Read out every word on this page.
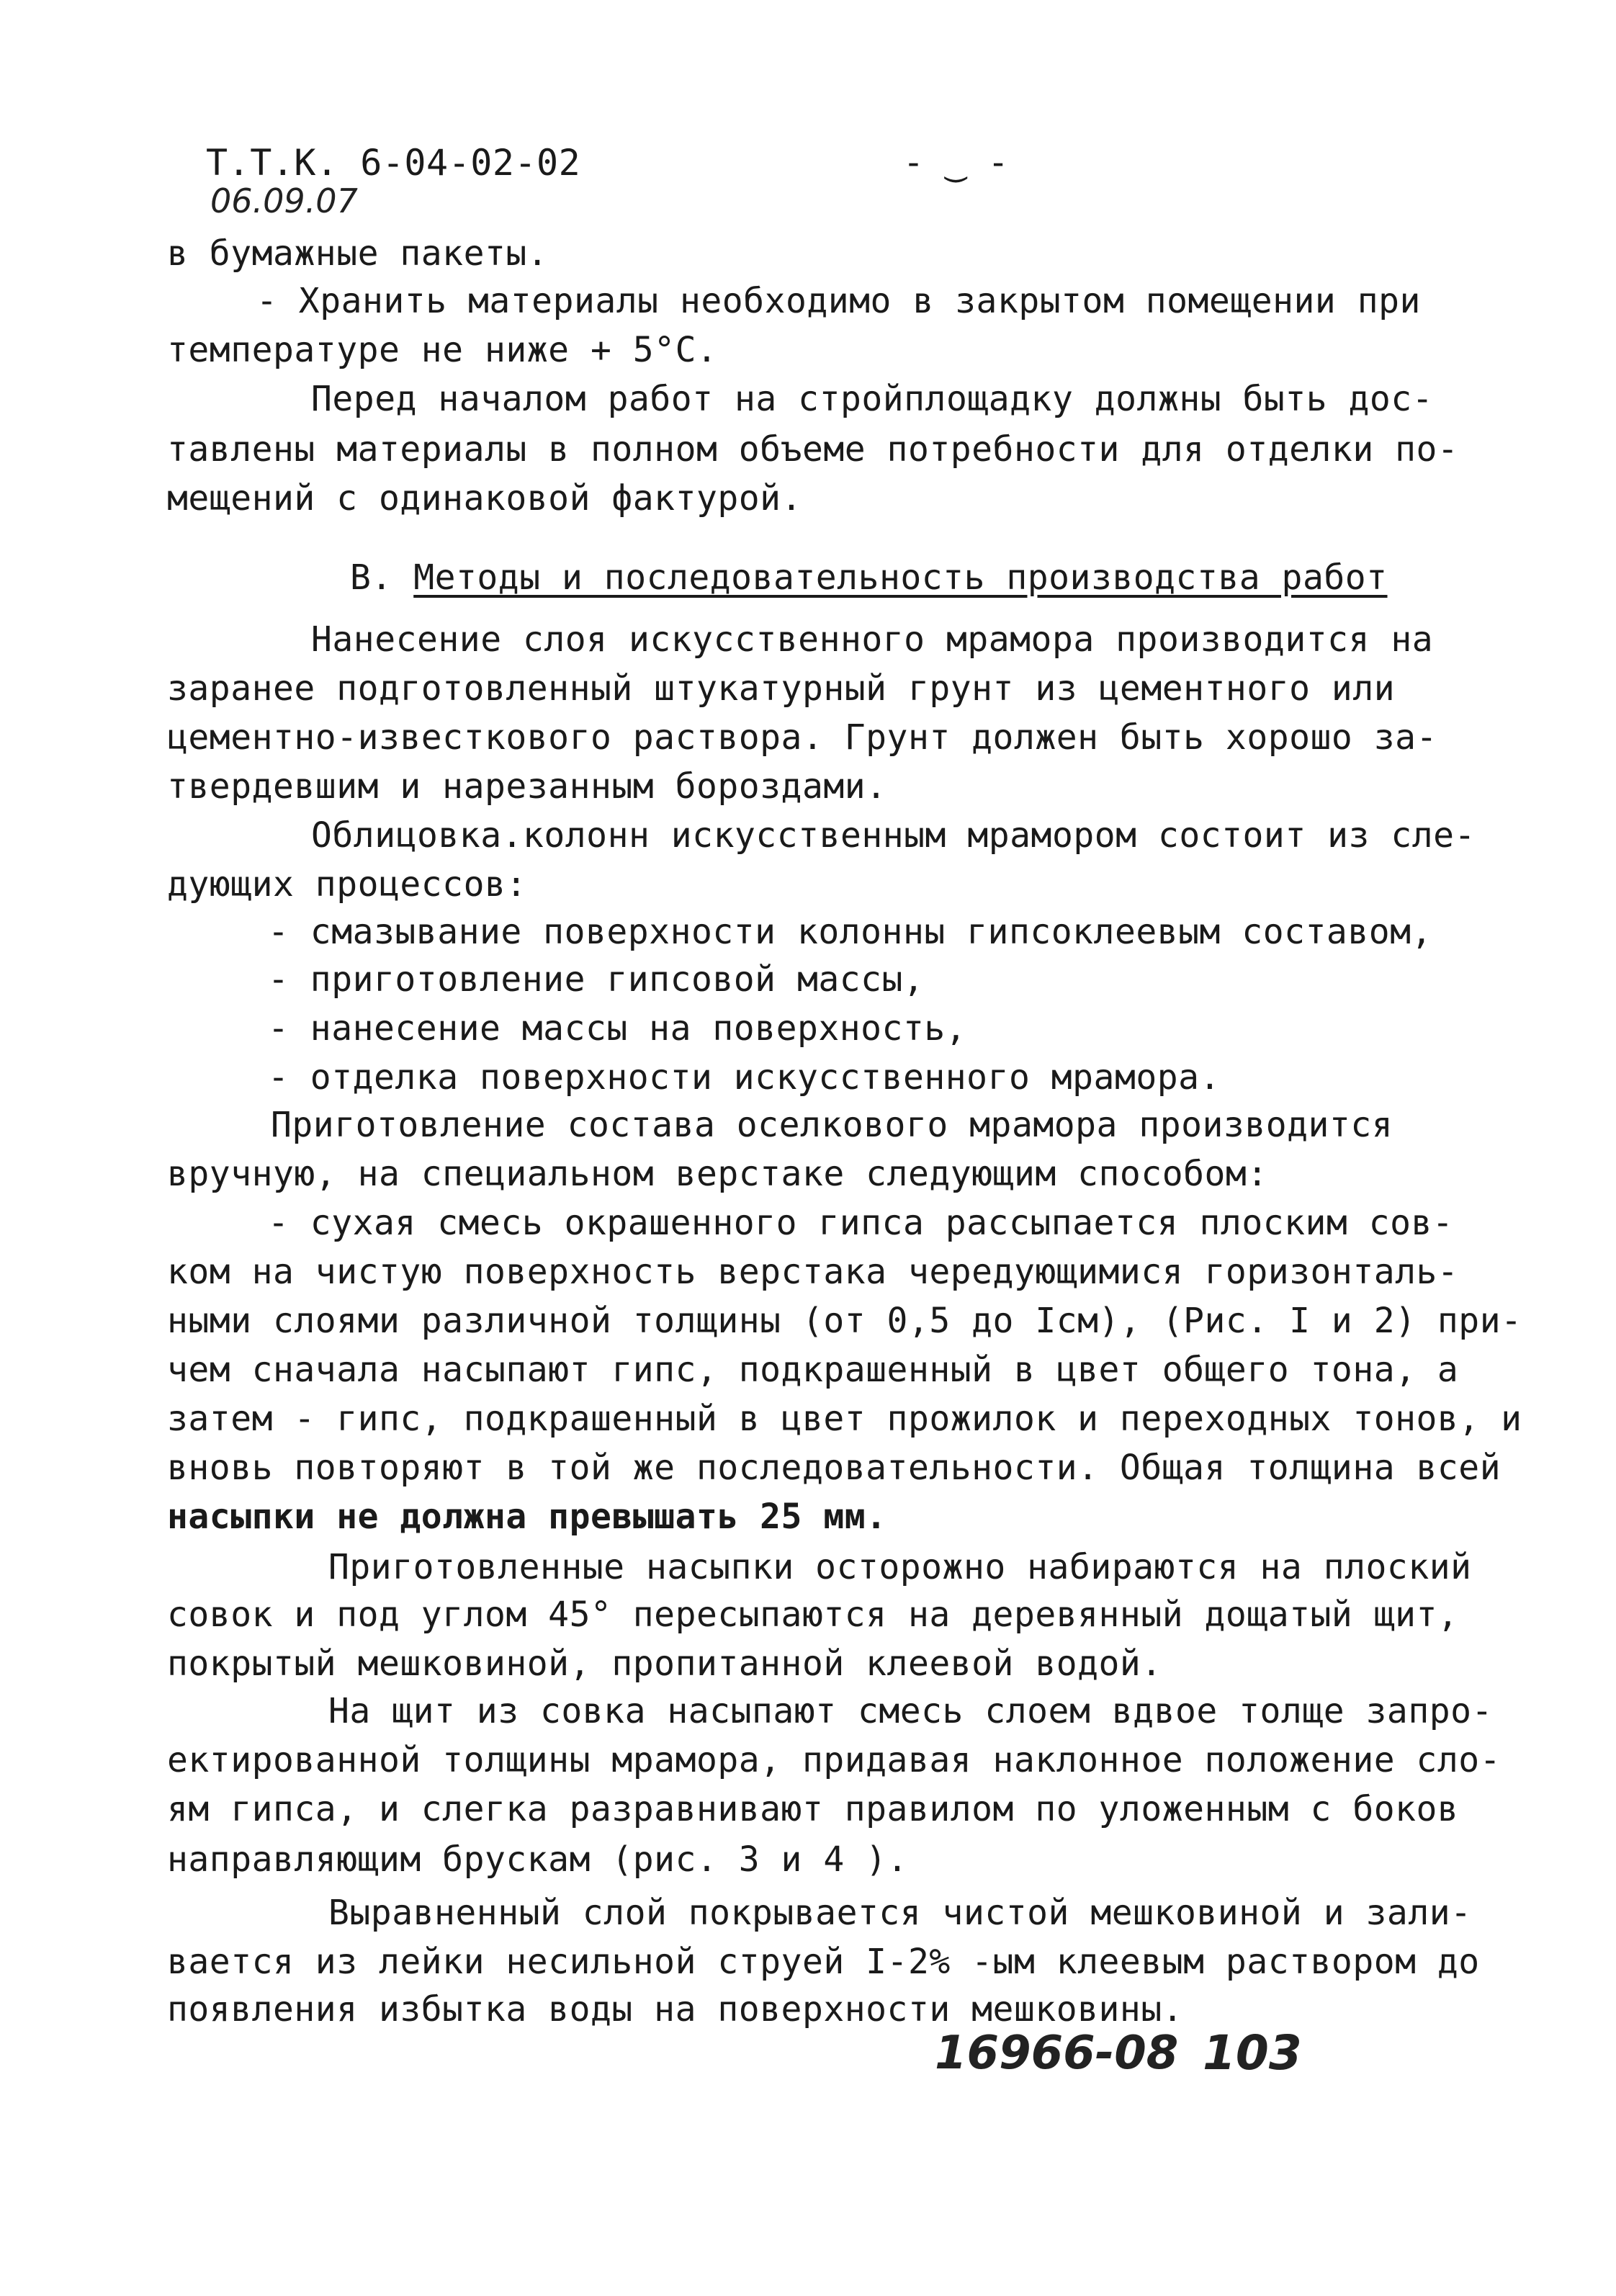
Т.Т.К. 6-04-02-02
06.09.07
- ‿ -
в бумажные пакеты.
- Хранить материалы необходимо в закрытом помещении при
температуре не ниже + 5°С.
Перед началом работ на стройплощадку должны быть дос-
тавлены материалы в полном объеме потребности для отделки по-
мещений с одинаковой фактурой.
В. Методы и последовательность производства работ
Нанесение слоя искусственного мрамора производится на
заранее подготовленный штукатурный грунт из цементного или
цементно-известкового раствора. Грунт должен быть хорошо за-
твердевшим и нарезанным бороздами.
Облицовка.колонн искусственным мрамором состоит из сле-
дующих процессов:
- смазывание поверхности колонны гипсоклеевым составом,
- приготовление гипсовой массы,
- нанесение массы на поверхность,
- отделка поверхности искусственного мрамора.
Приготовление состава оселкового мрамора производится
вручную, на специальном верстаке следующим способом:
- сухая смесь окрашенного гипса рассыпается плоским сов-
ком на чистую поверхность верстака чередующимися горизонталь-
ными слоями различной толщины (от 0,5 до Iсм), (Рис. I и 2) при-
чем сначала насыпают гипс, подкрашенный в цвет общего тона, а
затем - гипс, подкрашенный в цвет прожилок и переходных тонов, и
вновь повторяют в той же последовательности. Общая толщина всей
насыпки не должна превышать 25 мм.
Приготовленные насыпки осторожно набираются на плоский
совок и под углом 45° пересыпаются на деревянный дощатый щит,
покрытый мешковиной, пропитанной клеевой водой.
На щит из совка насыпают смесь слоем вдвое толще запро-
ектированной толщины мрамора, придавая наклонное положение сло-
ям гипса, и слегка разравнивают правилом по уложенным с боков
направляющим брускам (рис. 3 и 4 ).
Выравненный слой покрывается чистой мешковиной и зали-
вается из лейки несильной струей I-2% -ым клеевым раствором до
появления избытка воды на поверхности мешковины.
16966-08 103
